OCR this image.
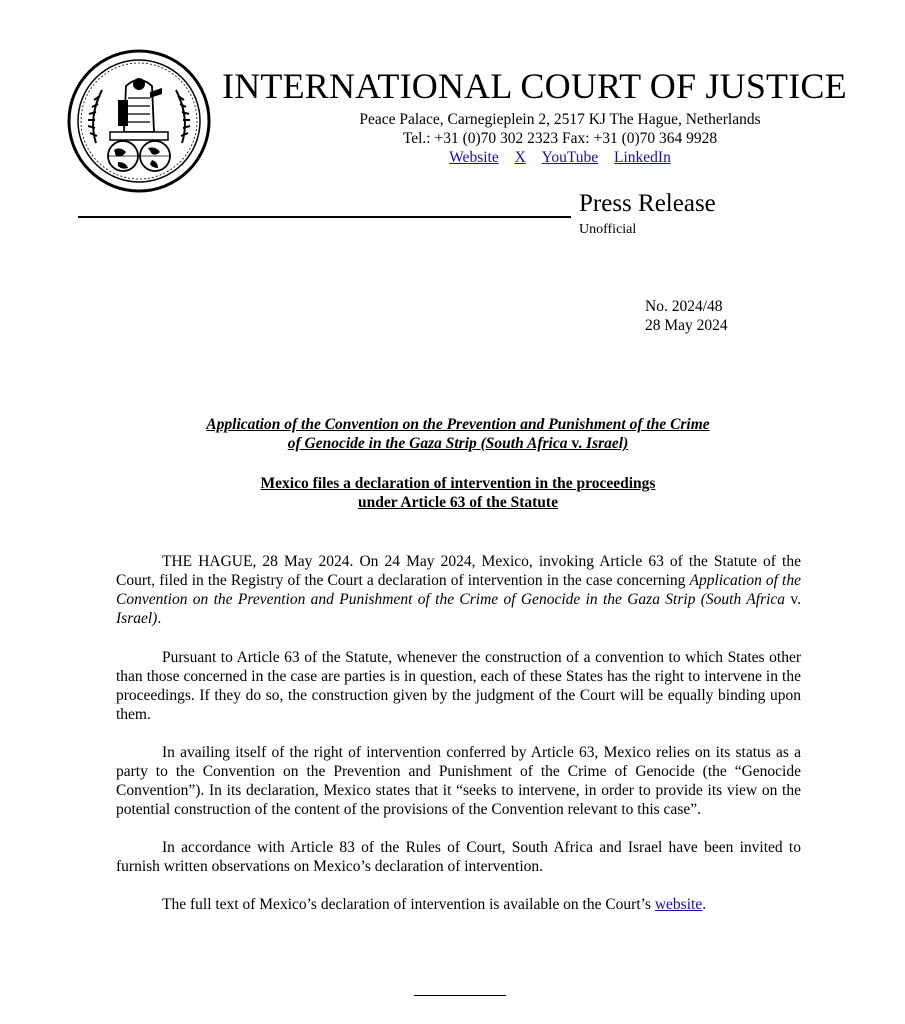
INTERNATIONAL COURT OF JUSTICE
Peace Palace, Carnegieplein 2, 2517 KJ The Hague, Netherlands
Tel.: +31 (0)70 302 2323 Fax: +31 (0)70 364 9928
Website X YouTube LinkedIn
Press Release
Unofficial
No. 2024/48
28 May 2024
Application of the Convention on the Prevention and Punishment of the Crime
of Genocide in the Gaza Strip (South Africa v. Israel)
Mexico files a declaration of intervention in the proceedings
under Article 63 of the Statute

THE HAGUE, 28 May 2024. On 24 May 2024, Mexico, invoking Article 63 of the Statute of the Court, filed in the Registry of the Court a declaration of intervention in the case concerning Application of the Convention on the Prevention and Punishment of the Crime of Genocide in the Gaza Strip (South Africa v. Israel).

Pursuant to Article 63 of the Statute, whenever the construction of a convention to which States other than those concerned in the case are parties is in question, each of these States has the right to intervene in the proceedings. If they do so, the construction given by the judgment of the Court will be equally binding upon them.

In availing itself of the right of intervention conferred by Article 63, Mexico relies on its status as a party to the Convention on the Prevention and Punishment of the Crime of Genocide (the “Genocide Convention”). In its declaration, Mexico states that it “seeks to intervene, in order to provide its view on the potential construction of the content of the provisions of the Convention relevant to this case”.

In accordance with Article 83 of the Rules of Court, South Africa and Israel have been invited to furnish written observations on Mexico’s declaration of intervention.

The full text of Mexico’s declaration of intervention is available on the Court’s website.
